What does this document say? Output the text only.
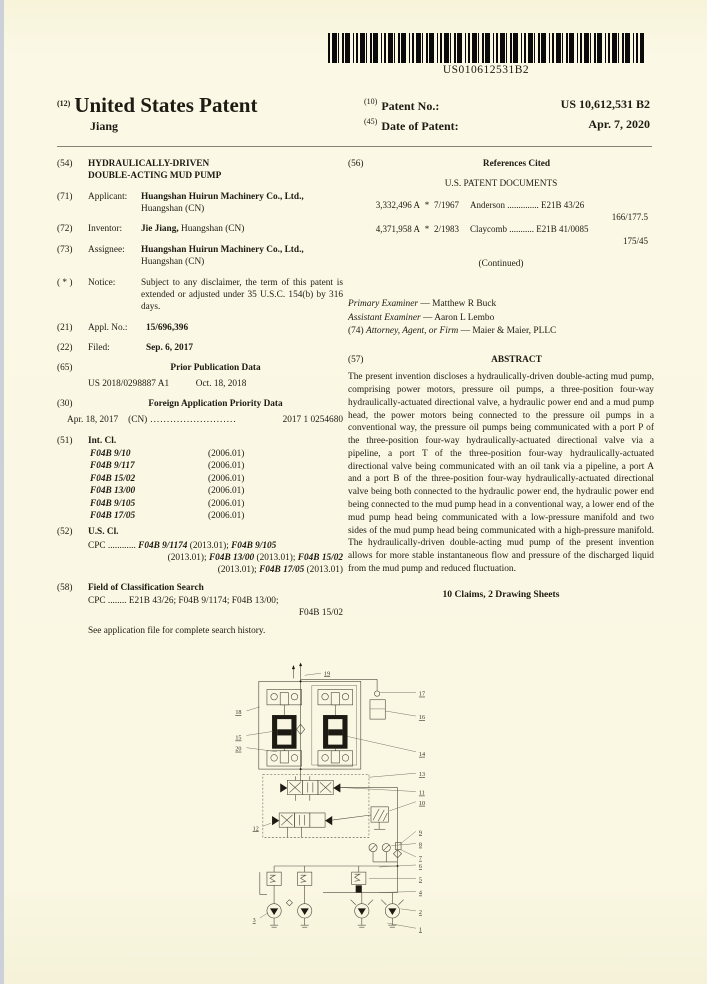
US010612531B2
$^{(12)}$ United States Patent
Jiang
$^{(10)}$ Patent No.:	US 10,612,531 B2
$^{(45)}$ Date of Patent:	Apr. 7, 2020
(54)	HYDRAULICALLY-DRIVEN
DOUBLE-ACTING MUD PUMP
(71)	Applicant:	Huangshan Huirun Machinery Co., Ltd., Huangshan (CN)
(72)	Inventor:	Jie Jiang, Huangshan (CN)
(73)	Assignee:	Huangshan Huirun Machinery Co., Ltd., Huangshan (CN)
( * )	Notice:	Subject to any disclaimer, the term of this patent is extended or adjusted under 35 U.S.C. 154(b) by 316 days.
(21)	Appl. No.:	15/696,396
(22)	Filed:	Sep. 6, 2017
(65)	Prior Publication Data
US 2018/0298887 A1	Oct. 18, 2018
(30)	Foreign Application Priority Data
Apr. 18, 2017 (CN) ..........................	2017 1 0254680
(51)	Int. Cl.
F04B 9/10	(2006.01)
F04B 9/117	(2006.01)
F04B 15/02	(2006.01)
F04B 13/00	(2006.01)
F04B 9/105	(2006.01)
F04B 17/05	(2006.01)
(52)	U.S. Cl.
CPC ............ F04B 9/1174 (2013.01); F04B 9/105
(2013.01); F04B 13/00 (2013.01); F04B 15/02
(2013.01); F04B 17/05 (2013.01)
(58)	Field of Classification Search
CPC ........ E21B 43/26; F04B 9/1174; F04B 13/00;
F04B 15/02
See application file for complete search history.
(56)	References Cited
U.S. PATENT DOCUMENTS
3,332,496 A * 7/1967	Anderson .............. E21B 43/26
166/177.5
4,371,958 A * 2/1983	Claycomb ........... E21B 41/0085
175/45
(Continued)
Primary Examiner — Matthew R Buck
Assistant Examiner — Aaron L Lembo
(74) Attorney, Agent, or Firm — Maier & Maier, PLLC
(57)	ABSTRACT
The present invention discloses a hydraulically-driven double-acting mud pump, comprising power motors, pressure oil pumps, a three-position four-way hydraulically-actuated directional valve, a hydraulic power end and a mud pump head, the power motors being connected to the pressure oil pumps in a conventional way, the pressure oil pumps being communicated with a port P of the three-position four-way hydraulically-actuated directional valve via a pipeline, a port T of the three-position four-way hydraulically-actuated directional valve being communicated with an oil tank via a pipeline, a port A and a port B of the three-position four-way hydraulically-actuated directional valve being both connected to the hydraulic power end, the hydraulic power end being connected to the mud pump head in a conventional way, a lower end of the mud pump head being communicated with a low-pressure manifold and two sides of the mud pump head being communicated with a high-pressure manifold. The hydraulically-driven double-acting mud pump of the present invention allows for more stable instantaneous flow and pressure of the discharged liquid from the mud pump and reduced fluctuation.
10 Claims, 2 Drawing Sheets
19
17
16
18
15
20
14
13
11
12
10
9
8
7
6
3
5
4
2
1
